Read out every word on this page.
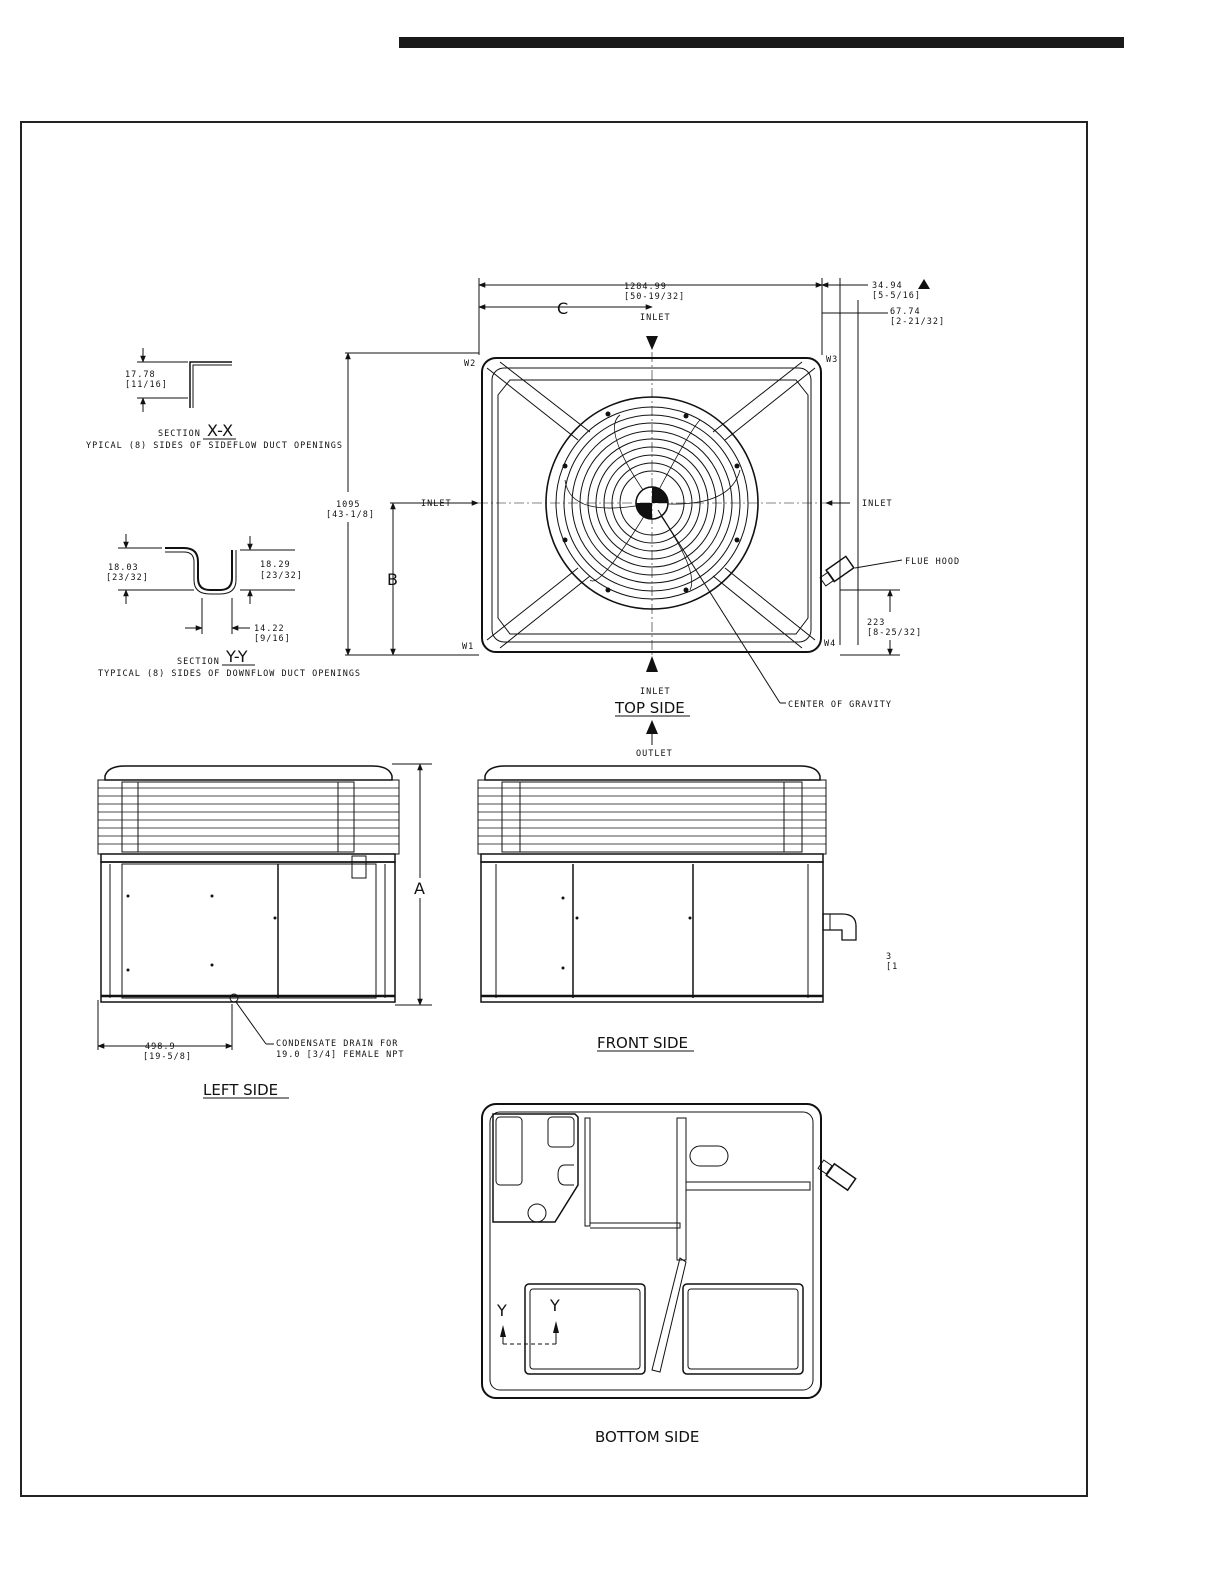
1284.99
[50-19/32]
C
34.94
[5-5/16]
67.74
[2-21/32]
INLET
INLET	INLET
INLET
1095
[43-1/8]
B
W2	W3
W1	W4
FLUE HOOD
223
[8-25/32]
CENTER OF GRAVITY
TOP SIDE
OUTLET
17.78
[11/16]
SECTION X-X
YPICAL (8) SIDES OF SIDEFLOW DUCT OPENINGS
18.03
[23/32]
18.29
[23/32]
14.22
[9/16]
SECTION Y-Y
TYPICAL (8) SIDES OF DOWNFLOW DUCT OPENINGS
A
498.9
[19-5/8]
CONDENSATE DRAIN FOR
19.0 [3/4] FEMALE NPT
LEFT SIDE
3
[1
FRONT SIDE
Y	Y
BOTTOM SIDE
